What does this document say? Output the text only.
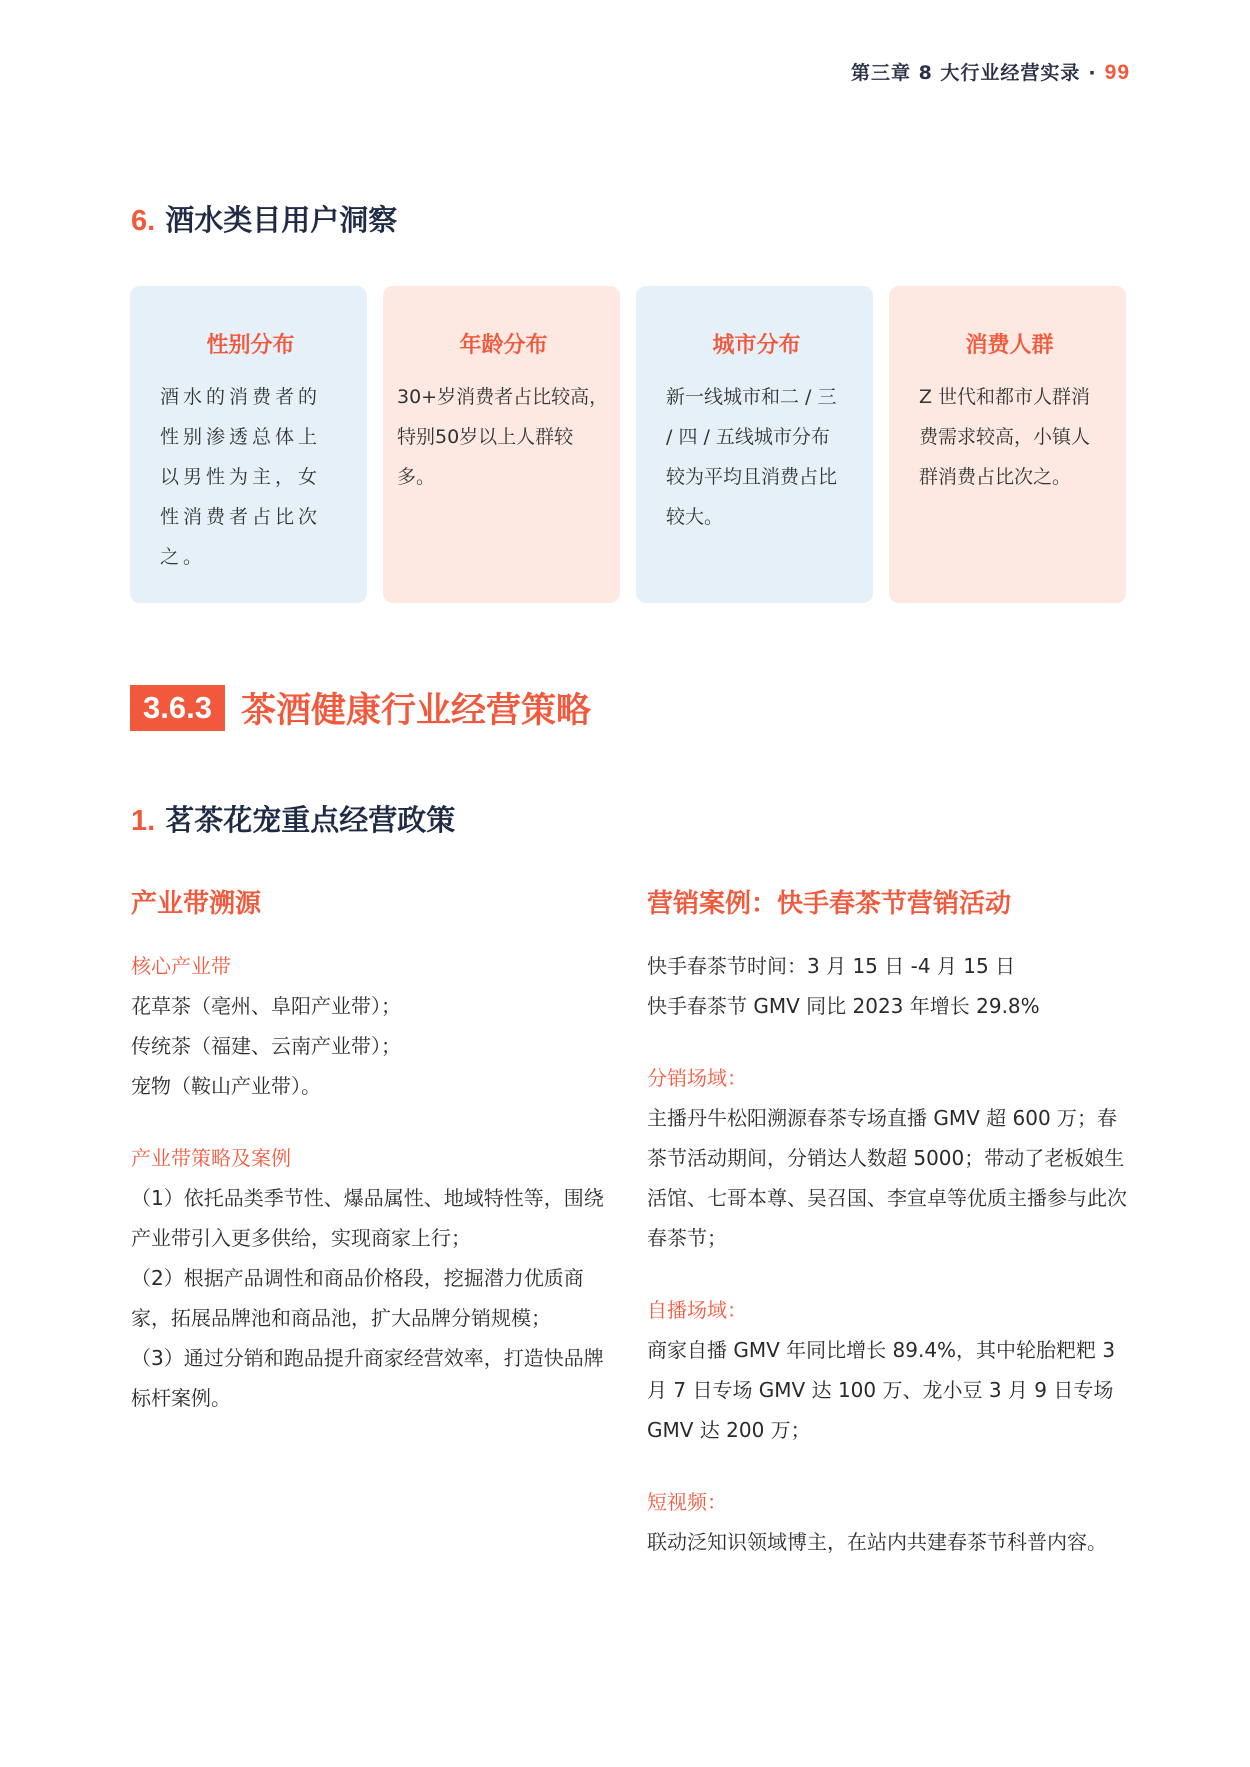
第三章 8 大行业经营实录 · 99
6. 酒水类目用户洞察
性别分布
酒水的消费者的性别渗透总体上以男性为主，女性消费者占比次之。
年龄分布
30+岁消费者占比较高，特别50岁以上人群较多。
城市分布
新一线城市和二 / 三 / 四 / 五线城市分布较为平均且消费占比较大。
消费人群
Z 世代和都市人群消费需求较高，小镇人群消费占比次之。
3.6.3 茶酒健康行业经营策略
1. 茗茶花宠重点经营政策
产业带溯源
核心产业带
花草茶（亳州、阜阳产业带）；
传统茶（福建、云南产业带）；
宠物（鞍山产业带）。
产业带策略及案例

（1）依托品类季节性、爆品属性、地域特性等，围绕产业带引入更多供给，实现商家上行；

（2）根据产品调性和商品价格段，挖掘潜力优质商家，拓展品牌池和商品池，扩大品牌分销规模；

（3）通过分销和跑品提升商家经营效率，打造快品牌标杆案例。

营销案例：快手春茶节营销活动
快手春茶节时间：3 月 15 日 -4 月 15 日
快手春茶节 GMV 同比 2023 年增长 29.8%
分销场域：

主播丹牛松阳溯源春茶专场直播 GMV 超 600 万；春茶节活动期间，分销达人数超 5000；带动了老板娘生活馆、七哥本尊、吴召国、李宣卓等优质主播参与此次春茶节；

自播场域：

商家自播 GMV 年同比增长 89.4%，其中轮胎粑粑 3 月 7 日专场 GMV 达 100 万、龙小豆 3 月 9 日专场 GMV 达 200 万；

短视频：

联动泛知识领域博主，在站内共建春茶节科普内容。
